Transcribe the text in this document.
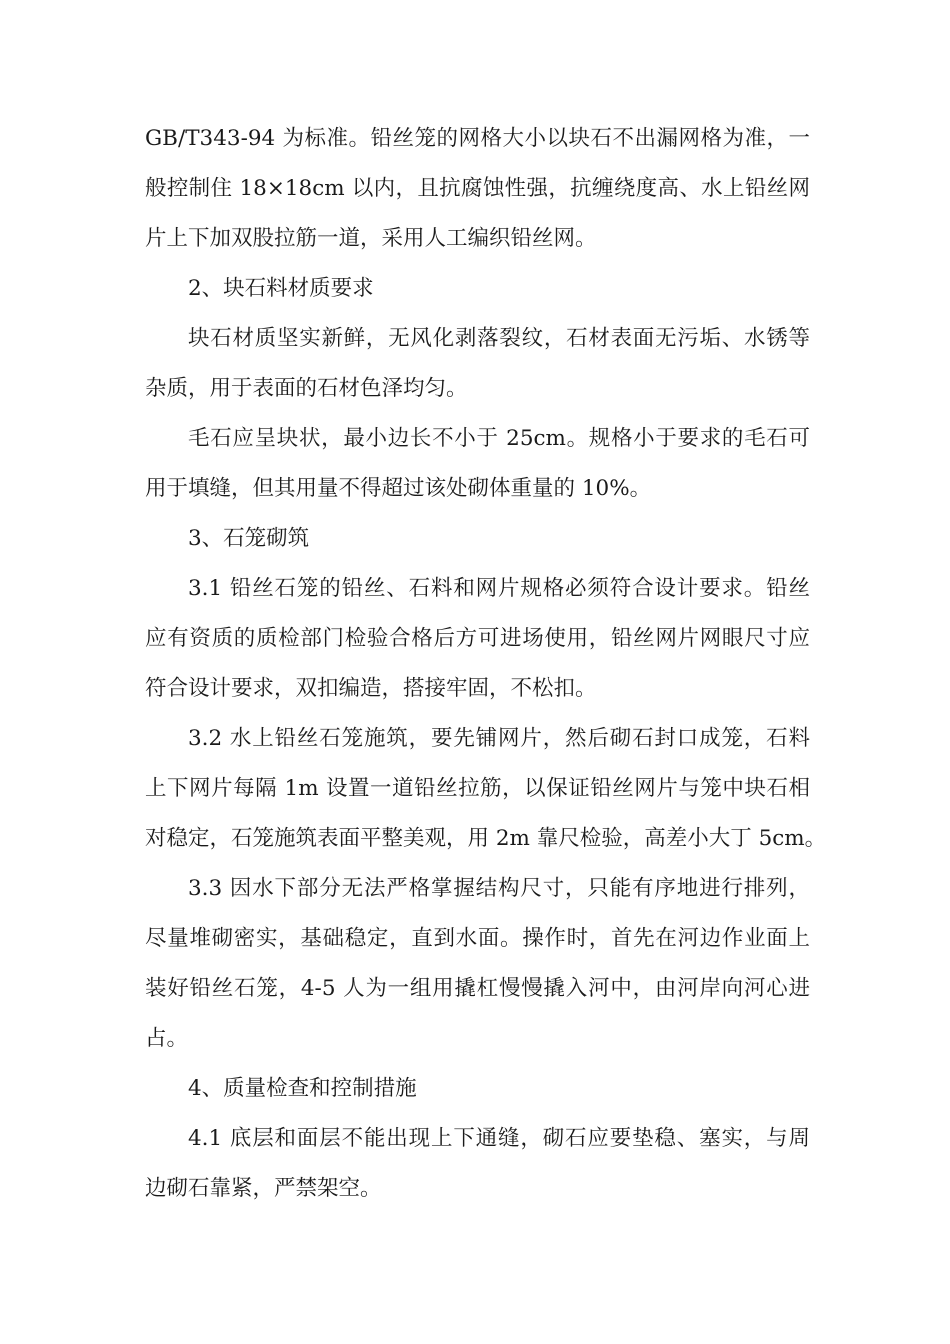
GB/T343-94 为标准。铅丝笼的网格大小以块石不出漏网格为准，一
般控制住 18×18cm 以内，且抗腐蚀性强，抗缠绕度高、水上铅丝网
片上下加双股拉筋一道，采用人工编织铅丝网。
2、块石料材质要求
块石材质坚实新鲜，无风化剥落裂纹，石材表面无污垢、水锈等
杂质，用于表面的石材色泽均匀。
毛石应呈块状，最小边长不小于 25cm。规格小于要求的毛石可
用于填缝，但其用量不得超过该处砌体重量的 10%。
3、石笼砌筑
3.1 铅丝石笼的铅丝、石料和网片规格必须符合设计要求。铅丝
应有资质的质检部门检验合格后方可进场使用，铅丝网片网眼尺寸应
符合设计要求，双扣编造，搭接牢固，不松扣。
3.2 水上铅丝石笼施筑，要先铺网片，然后砌石封口成笼，石料
上下网片每隔 1m 设置一道铅丝拉筋，以保证铅丝网片与笼中块石相
对稳定，石笼施筑表面平整美观，用 2m 靠尺检验，高差小大丁 5cm。
3.3 因水下部分无法严格掌握结构尺寸，只能有序地进行排列，
尽量堆砌密实，基础稳定，直到水面。操作时，首先在河边作业面上
装好铅丝石笼，4-5 人为一组用撬杠慢慢撬入河中，由河岸向河心进
占。
4、质量检查和控制措施
4.1 底层和面层不能出现上下通缝，砌石应要垫稳、塞实，与周
边砌石靠紧，严禁架空。
